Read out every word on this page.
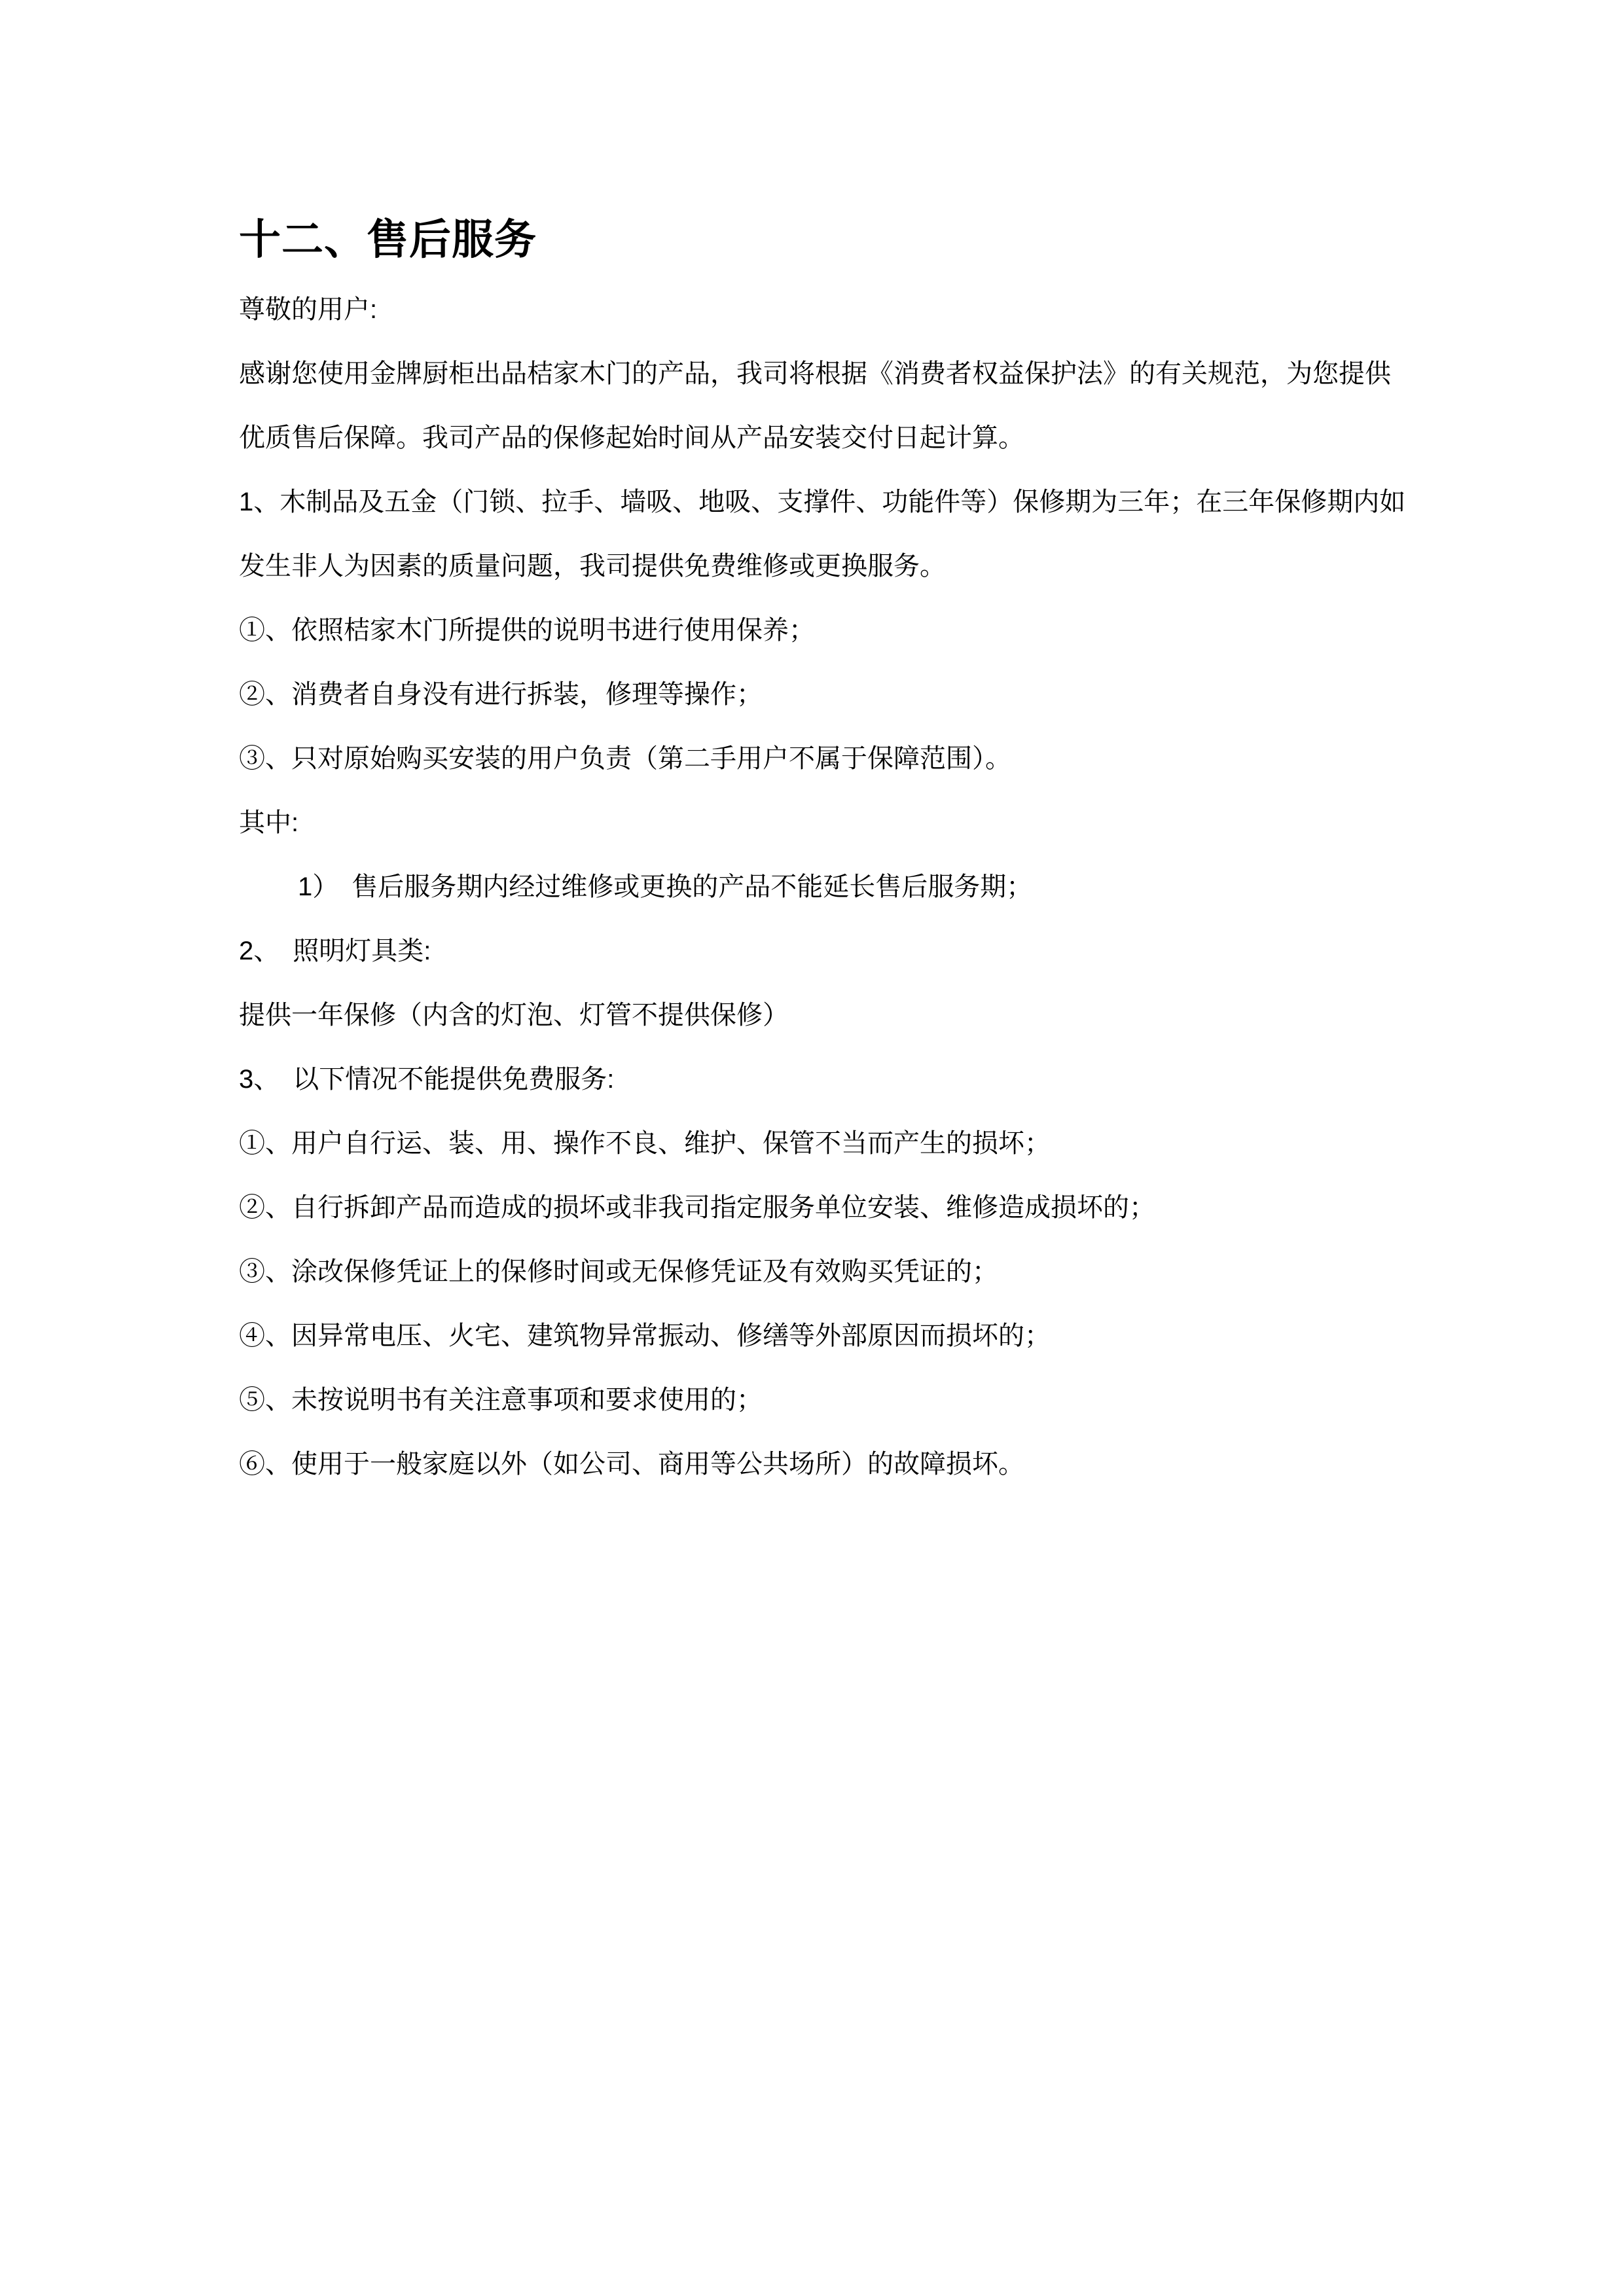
十二、售后服务
尊敬的用户:
感谢您使用金牌厨柜出品桔家木门的产品，我司将根据《消费者权益保护法》的有关规范，为您提供
优质售后保障。我司产品的保修起始时间从产品安装交付日起计算。
1、木制品及五金（门锁、拉手、墙吸、地吸、支撑件、功能件等）保修期为三年；在三年保修期内如
发生非人为因素的质量问题，我司提供免费维修或更换服务。
①、依照桔家木门所提供的说明书进行使用保养；
②、消费者自身没有进行拆装，修理等操作；
③、只对原始购买安装的用户负责（第二手用户不属于保障范围）。
其中:
1）　售后服务期内经过维修或更换的产品不能延长售后服务期；
2、　照明灯具类:
提供一年保修（内含的灯泡、灯管不提供保修）
3、　以下情况不能提供免费服务:
①、用户自行运、装、用、操作不良、维护、保管不当而产生的损坏；
②、自行拆卸产品而造成的损坏或非我司指定服务单位安装、维修造成损坏的；
③、涂改保修凭证上的保修时间或无保修凭证及有效购买凭证的；
④、因异常电压、火宅、建筑物异常振动、修缮等外部原因而损坏的；
⑤、未按说明书有关注意事项和要求使用的；
⑥、使用于一般家庭以外（如公司、商用等公共场所）的故障损坏。
